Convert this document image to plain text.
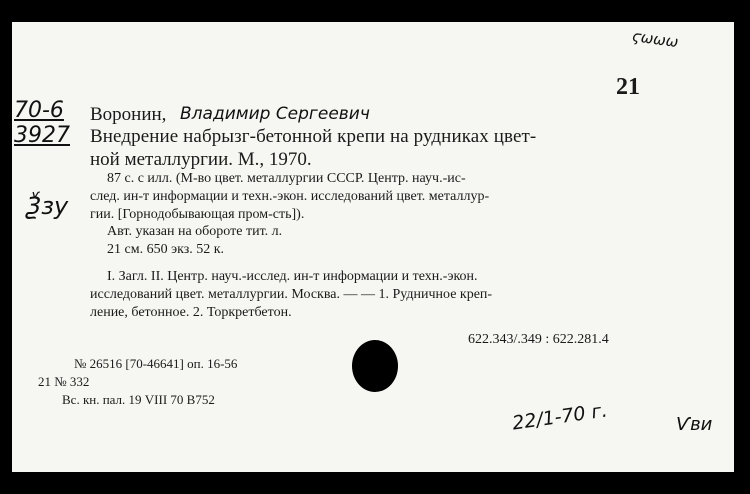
ϛωωω
21
70-6
3927
Воронин, Владимир Сергеевич
Внедрение набрызг-бетонной крепи на рудниках цвет-
ной металлургии. М., 1970.
87 с. с илл. (М-во цвет. металлургии СССР. Центр. науч.-ис-
след. ин-т информации и техн.-экон. исследований цвет. металлур-
гии. [Горнодобывающая пром-сть]).
Ѯзу
Авт. указан на обороте тит. л.
21 см. 650 экз. 52 к.
I. Загл. II. Центр. науч.-исслед. ин-т информации и техн.-экон.
исследований цвет. металлургии. Москва. — — 1. Рудничное креп-
ление, бетонное. 2. Торкретбетон.
622.343/.349 : 622.281.4
№ 26516 [70-46641] оп. 16-56
21 № 332
Вс. кн. пал. 19 VIII 70 В752	22/1-70 г.	Ѵви
